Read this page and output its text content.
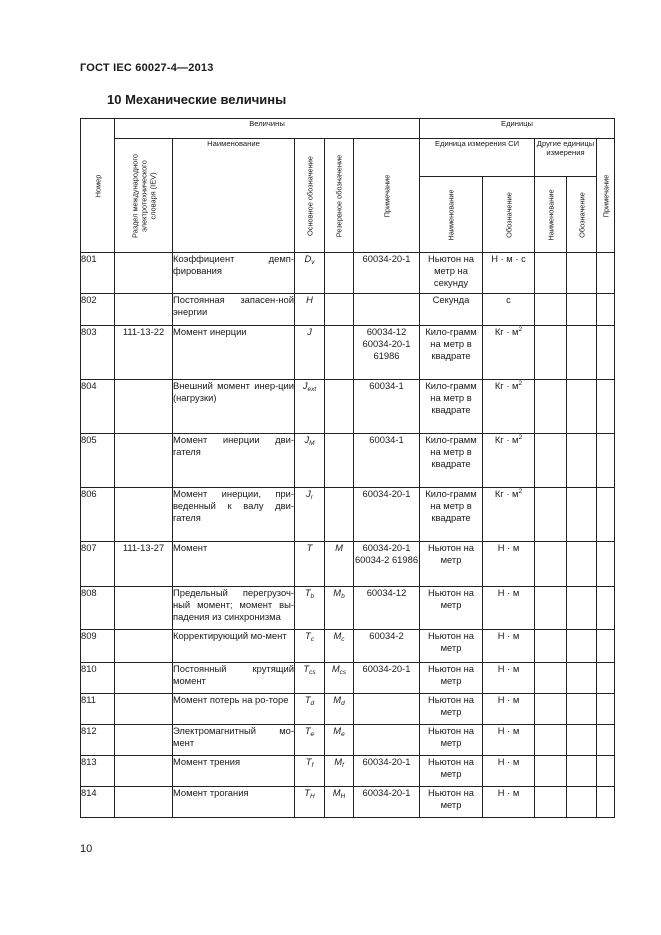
ГОСТ IEC 60027-4—2013
10 Механические величины
Номер	Величины					Единицы				

	Раздел международного электротехнического словаря (IEV)	Наименование	Основное обозначение	Резервное обозначение	Примечание	Единица измерения СИ		Другие единицы измерения		Примечание

						Наименование	Обозначение	Наименование	Обозначение	

801		Коэффициент демп-фирования	$D_v$		60034-20-1	Ньютон на метр на секунду	Н · м · с			
802		Постоянная запасен-ной энергии	H			Секунда	с			
803	111-13-22	Момент инерции	J		60034-12 60034-20-1 61986	Кило-грамм на метр в квадрате	Кг · $м^2$			
804		Внешний момент инер-ции (нагрузки)	$J_{ext}$		60034-1	Кило-грамм на метр в квадрате	Кг · $м^2$			
805		Момент инерции дви-гателя	$J_M$		60034-1	Кило-грамм на метр в квадрате	Кг · $м^2$			
806		Момент инерции, при-веденный к валу дви-гателя	$J_r$		60034-20-1	Кило-грамм на метр в квадрате	Кг · $м^2$			
807	111-13-27	Момент	T	M	60034-20-1 60034-2 61986	Ньютон на метр	Н · м			
808		Предельный перегрузоч-ный момент; момент вы-падения из синхронизма	$T_b$	$M_b$	60034-12	Ньютон на метр	Н · м			
809		Корректирующий мо-мент	$T_c$	$M_c$	60034-2	Ньютон на метр	Н · м			
810		Постоянный крутящий момент	$T_{cs}$	$M_{cs}$	60034-20-1	Ньютон на метр	Н · м			
811		Момент потерь на ро-торе	$T_d$	$M_d$		Ньютон на метр	Н · м			
812		Электромагнитный мо-мент	$T_e$	$M_e$		Ньютон на метр	Н · м			
813		Момент трения	$T_f$	$M_f$	60034-20-1	Ньютон на метр	Н · м			
814		Момент трогания	$T_H$	$M_H$	60034-20-1	Ньютон на метр	Н · м			
10
